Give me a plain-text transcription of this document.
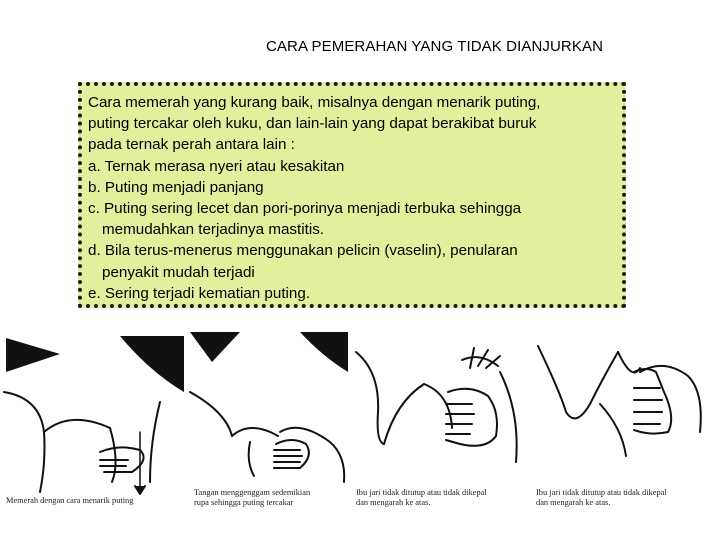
CARA PEMERAHAN YANG TIDAK DIANJURKAN

Cara memerah yang kurang baik, misalnya dengan menarik puting,

puting tercakar oleh kuku, dan lain-lain yang dapat berakibat buruk

pada ternak perah antara lain :

a. Ternak merasa nyeri atau kesakitan

b. Puting menjadi panjang

c. Puting sering lecet dan pori-porinya menjadi terbuka sehingga

memudahkan terjadinya mastitis.

d. Bila terus-menerus menggunakan pelicin (vaselin), penularan

penyakit mudah terjadi

e. Sering terjadi kematian puting.

Memerah dengan cara menarik puting
Tangan menggenggam sedemikian
rupa sehingga puting tercakar
Ibu jari tidak ditutup atau tidak dikepal
dan mengarah ke atas.
Ibu jari tidak ditutup atau tidak dikepal
dan mengarah ke atas.
